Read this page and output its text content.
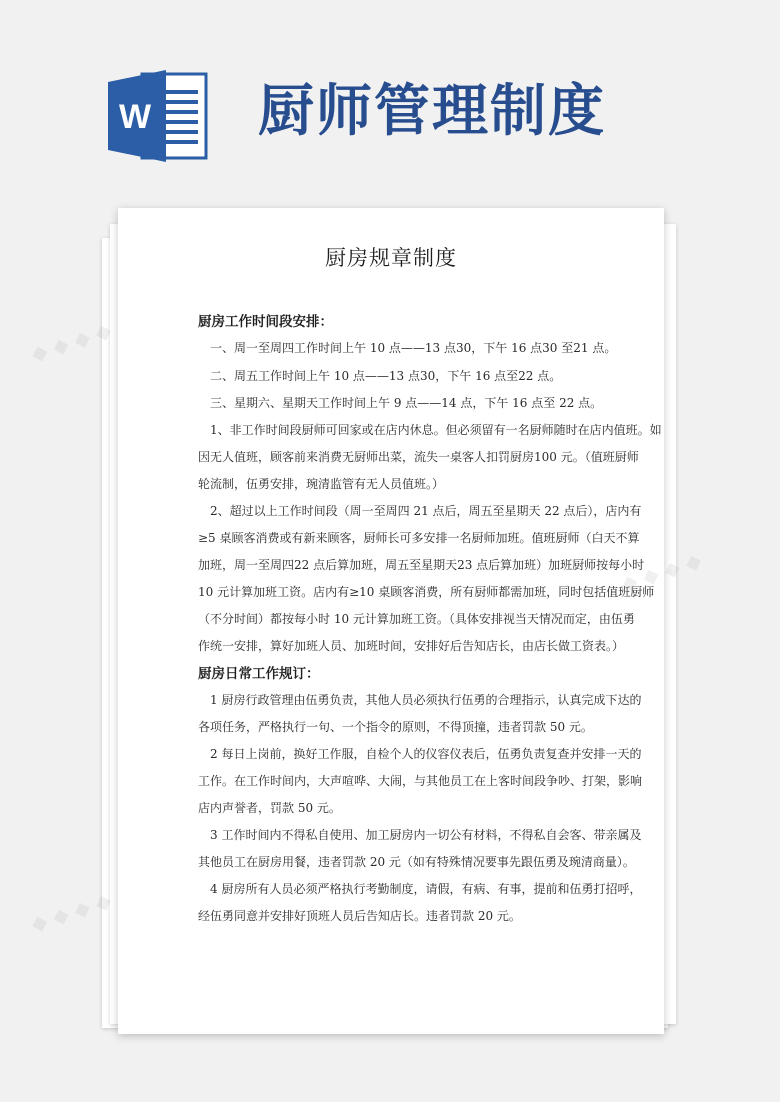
W 厨师管理制度
厨房规章制度
厨房工作时间段安排：
一、周一至周四工作时间上午 10 点——13 点30，下午 16 点30 至21 点。
二、周五工作时间上午 10 点——13 点30，下午 16 点至22 点。
三、星期六、星期天工作时间上午 9 点——14 点，下午 16 点至 22 点。
1、非工作时间段厨师可回家或在店内休息。但必须留有一名厨师随时在店内值班。如
因无人值班，顾客前来消费无厨师出菜，流失一桌客人扣罚厨房100 元。（值班厨师
轮流制，伍勇安排，琬清监管有无人员值班。）
2、超过以上工作时间段（周一至周四 21 点后，周五至星期天 22 点后），店内有
≥5 桌顾客消费或有新来顾客，厨师长可多安排一名厨师加班。值班厨师（白天不算
加班，周一至周四22 点后算加班，周五至星期天23 点后算加班）加班厨师按每小时
10 元计算加班工资。店内有≥10 桌顾客消费，所有厨师都需加班，同时包括值班厨师
（不分时间）都按每小时 10 元计算加班工资。（具体安排视当天情况而定，由伍勇
作统一安排，算好加班人员、加班时间，安排好后告知店长，由店长做工资表。）
厨房日常工作规订：
1 厨房行政管理由伍勇负责，其他人员必须执行伍勇的合理指示，认真完成下达的
各项任务，严格执行一句、一个指令的原则，不得顶撞，违者罚款 50 元。
2 每日上岗前，换好工作服，自检个人的仪容仪表后，伍勇负责复查并安排一天的
工作。在工作时间内，大声喧哗、大闹，与其他员工在上客时间段争吵、打架，影响
店内声誉者，罚款 50 元。
3 工作时间内不得私自使用、加工厨房内一切公有材料，不得私自会客、带亲属及
其他员工在厨房用餐，违者罚款 20 元（如有特殊情况要事先跟伍勇及琬清商量）。
4 厨房所有人员必须严格执行考勤制度，请假，有病、有事，提前和伍勇打招呼，
经伍勇同意并安排好顶班人员后告知店长。违者罚款 20 元。
◆ ◆ ◆ ◆
◆
◆ ◆ ◆ ◆
